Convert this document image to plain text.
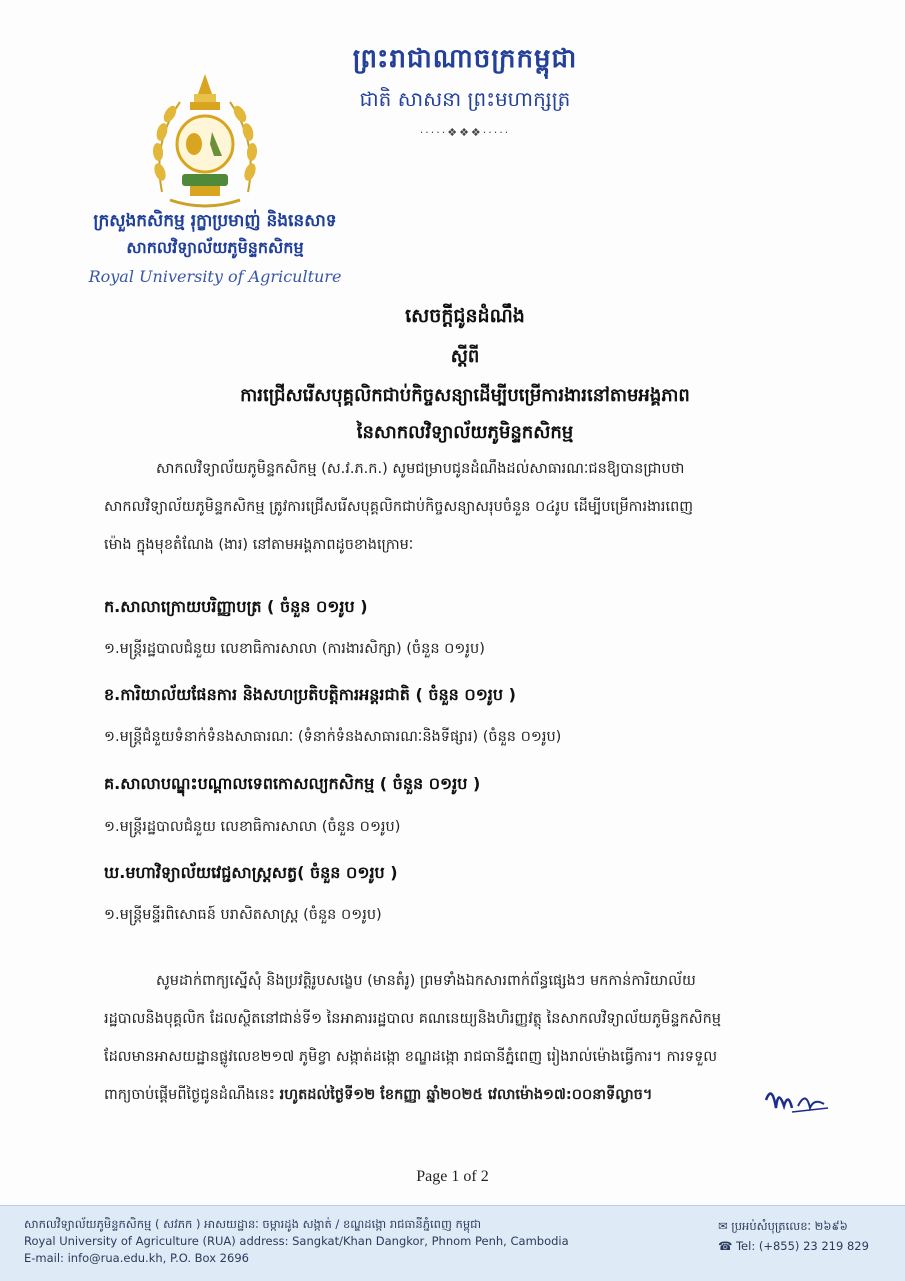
ព្រះរាជាណាចក្រកម្ពុជា
ជាតិ សាសនា ព្រះមហាក្សត្រ
·····❖❖❖·····
ក្រសួងកសិកម្ម រុក្ខាប្រមាញ់ និងនេសាទ
សាកលវិទ្យាល័យភូមិន្ទកសិកម្ម
Royal University of Agriculture
សេចក្តីជូនដំណឹង
ស្តីពី
ការជ្រើសរើសបុគ្គលិកជាប់កិច្ចសន្យាដើម្បីបម្រើការងារនៅតាមអង្គភាព
នៃសាកលវិទ្យាល័យភូមិន្ទកសិកម្ម
សាកលវិទ្យាល័យភូមិន្ទកសិកម្ម (ស.វ.ភ.ក.) សូមជម្រាបជូនដំណឹងដល់សាធារណៈជនឱ្យបានជ្រាបថា
សាកលវិទ្យាល័យភូមិន្ទកសិកម្ម ត្រូវការជ្រើសរើសបុគ្គលិកជាប់កិច្ចសន្យាសរុបចំនួន ០៤រូប ដើម្បីបម្រើការងារពេញ
ម៉ោង ក្នុងមុខតំណែង (ងារ) នៅតាមអង្គភាពដូចខាងក្រោមៈ
ក.សាលាក្រោយបរិញ្ញាបត្រ ( ចំនួន ០១រូប )
១.មន្ត្រីរដ្ឋបាលជំនួយ លេខាធិការសាលា (ការងារសិក្សា) (ចំនួន ០១រូប)
ខ.ការិយាល័យផែនការ និងសហប្រតិបត្តិការអន្តរជាតិ ( ចំនួន ០១រូប )
១.មន្ត្រីជំនួយទំនាក់ទំនងសាធារណៈ (ទំនាក់ទំនងសាធារណៈនិងទីផ្សារ) (ចំនួន ០១រូប)
គ.សាលាបណ្ឌុះបណ្ដាលទេពកោសល្យកសិកម្ម ( ចំនួន ០១រូប )
១.មន្ត្រីរដ្ឋបាលជំនួយ លេខាធិការសាលា (ចំនួន ០១រូប)
ឃ.មហាវិទ្យាល័យវេជ្ជសាស្ត្រសត្វ( ចំនួន ០១រូប )
១.មន្ត្រីមន្ទីរពិសោធន៍ បរាសិតសាស្ត្រ (ចំនួន ០១រូប)
សូមដាក់ពាក្យស្នើសុំ និងប្រវត្តិរូបសង្ខេប (មានតំរូ) ព្រមទាំងឯកសារពាក់ព័ន្ធផ្សេងៗ មកកាន់ការិយាល័យ
រដ្ឋបាលនិងបុគ្គលិក ដែលស្ថិតនៅជាន់ទី១ នៃអាគាររដ្ឋបាល គណនេយ្យនិងហិរញ្ញវត្ថុ នៃសាកលវិទ្យាល័យភូមិន្ទកសិកម្ម
ដែលមានអាសយដ្ឋានផ្លូវលេខ២១៧ ភូមិខ្វា សង្កាត់ដង្កោ ខណ្ឌដង្កោ រាជធានីភ្នំពេញ រៀងរាល់ម៉ោងធ្វើការ។ ការទទួល
ពាក្យចាប់ផ្តើមពីថ្ងៃជូនដំណឹងនេះ រហូតដល់ថ្ងៃទី១២ ខែកញ្ញា ឆ្នាំ២០២៥ វេលាម៉ោង១៧:០០នាទីល្ងាច។
Page 1 of 2
សាកលវិទ្យាល័យភូមិន្ទកសិកម្ម ( សវភក ) អាសយដ្ឋានៈ ចម្ការដូង សង្កាត់ / ខណ្ឌដង្កោ រាជធានីភ្នំពេញ កម្ពុជា
Royal University of Agriculture (RUA) address: Sangkat/Khan Dangkor, Phnom Penh, Cambodia
E-mail: info@rua.edu.kh, P.O. Box 2696
✉ ប្រអប់សំបុត្រលេខៈ ២៦៩៦
☎ Tel: (+855) 23 219 829
